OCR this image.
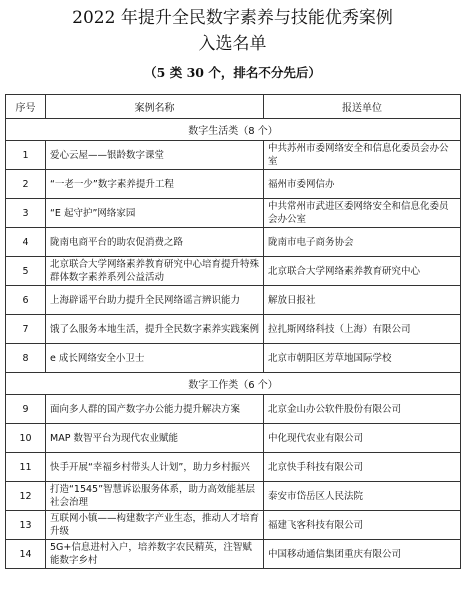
2022 年提升全民数字素养与技能优秀案例
入选名单
（5 类 30 个，排名不分先后）
序号	案例名称	报送单位
数字生活类（8 个）		
1	爱心云屋——银龄数字课堂	中共苏州市委网络安全和信息化委员会办公室
2	“一老一少”数字素养提升工程	福州市委网信办
3	“E 起守护”网络家园	中共常州市武进区委网络安全和信息化委员会办公室
4	陇南电商平台的助农促消费之路	陇南市电子商务协会
5	北京联合大学网络素养教育研究中心培育提升特殊群体数字素养系列公益活动	北京联合大学网络素养教育研究中心
6	上海辟谣平台助力提升全民网络谣言辨识能力	解放日报社
7	饿了么服务本地生活，提升全民数字素养实践案例	拉扎斯网络科技（上海）有限公司
8	e 成长网络安全小卫士	北京市朝阳区芳草地国际学校
数字工作类（6 个）		
9	面向多人群的国产数字办公能力提升解决方案	北京金山办公软件股份有限公司
10	MAP 数智平台为现代农业赋能	中化现代农业有限公司
11	快手开展“幸福乡村带头人计划”，助力乡村振兴	北京快手科技有限公司
12	打造“1545”智慧诉讼服务体系，助力高效能基层社会治理	泰安市岱岳区人民法院
13	互联网小镇——构建数字产业生态，推动人才培育升级	福建飞客科技有限公司
14	5G+信息进村入户，培养数字农民精英，注智赋能数字乡村	中国移动通信集团重庆有限公司
